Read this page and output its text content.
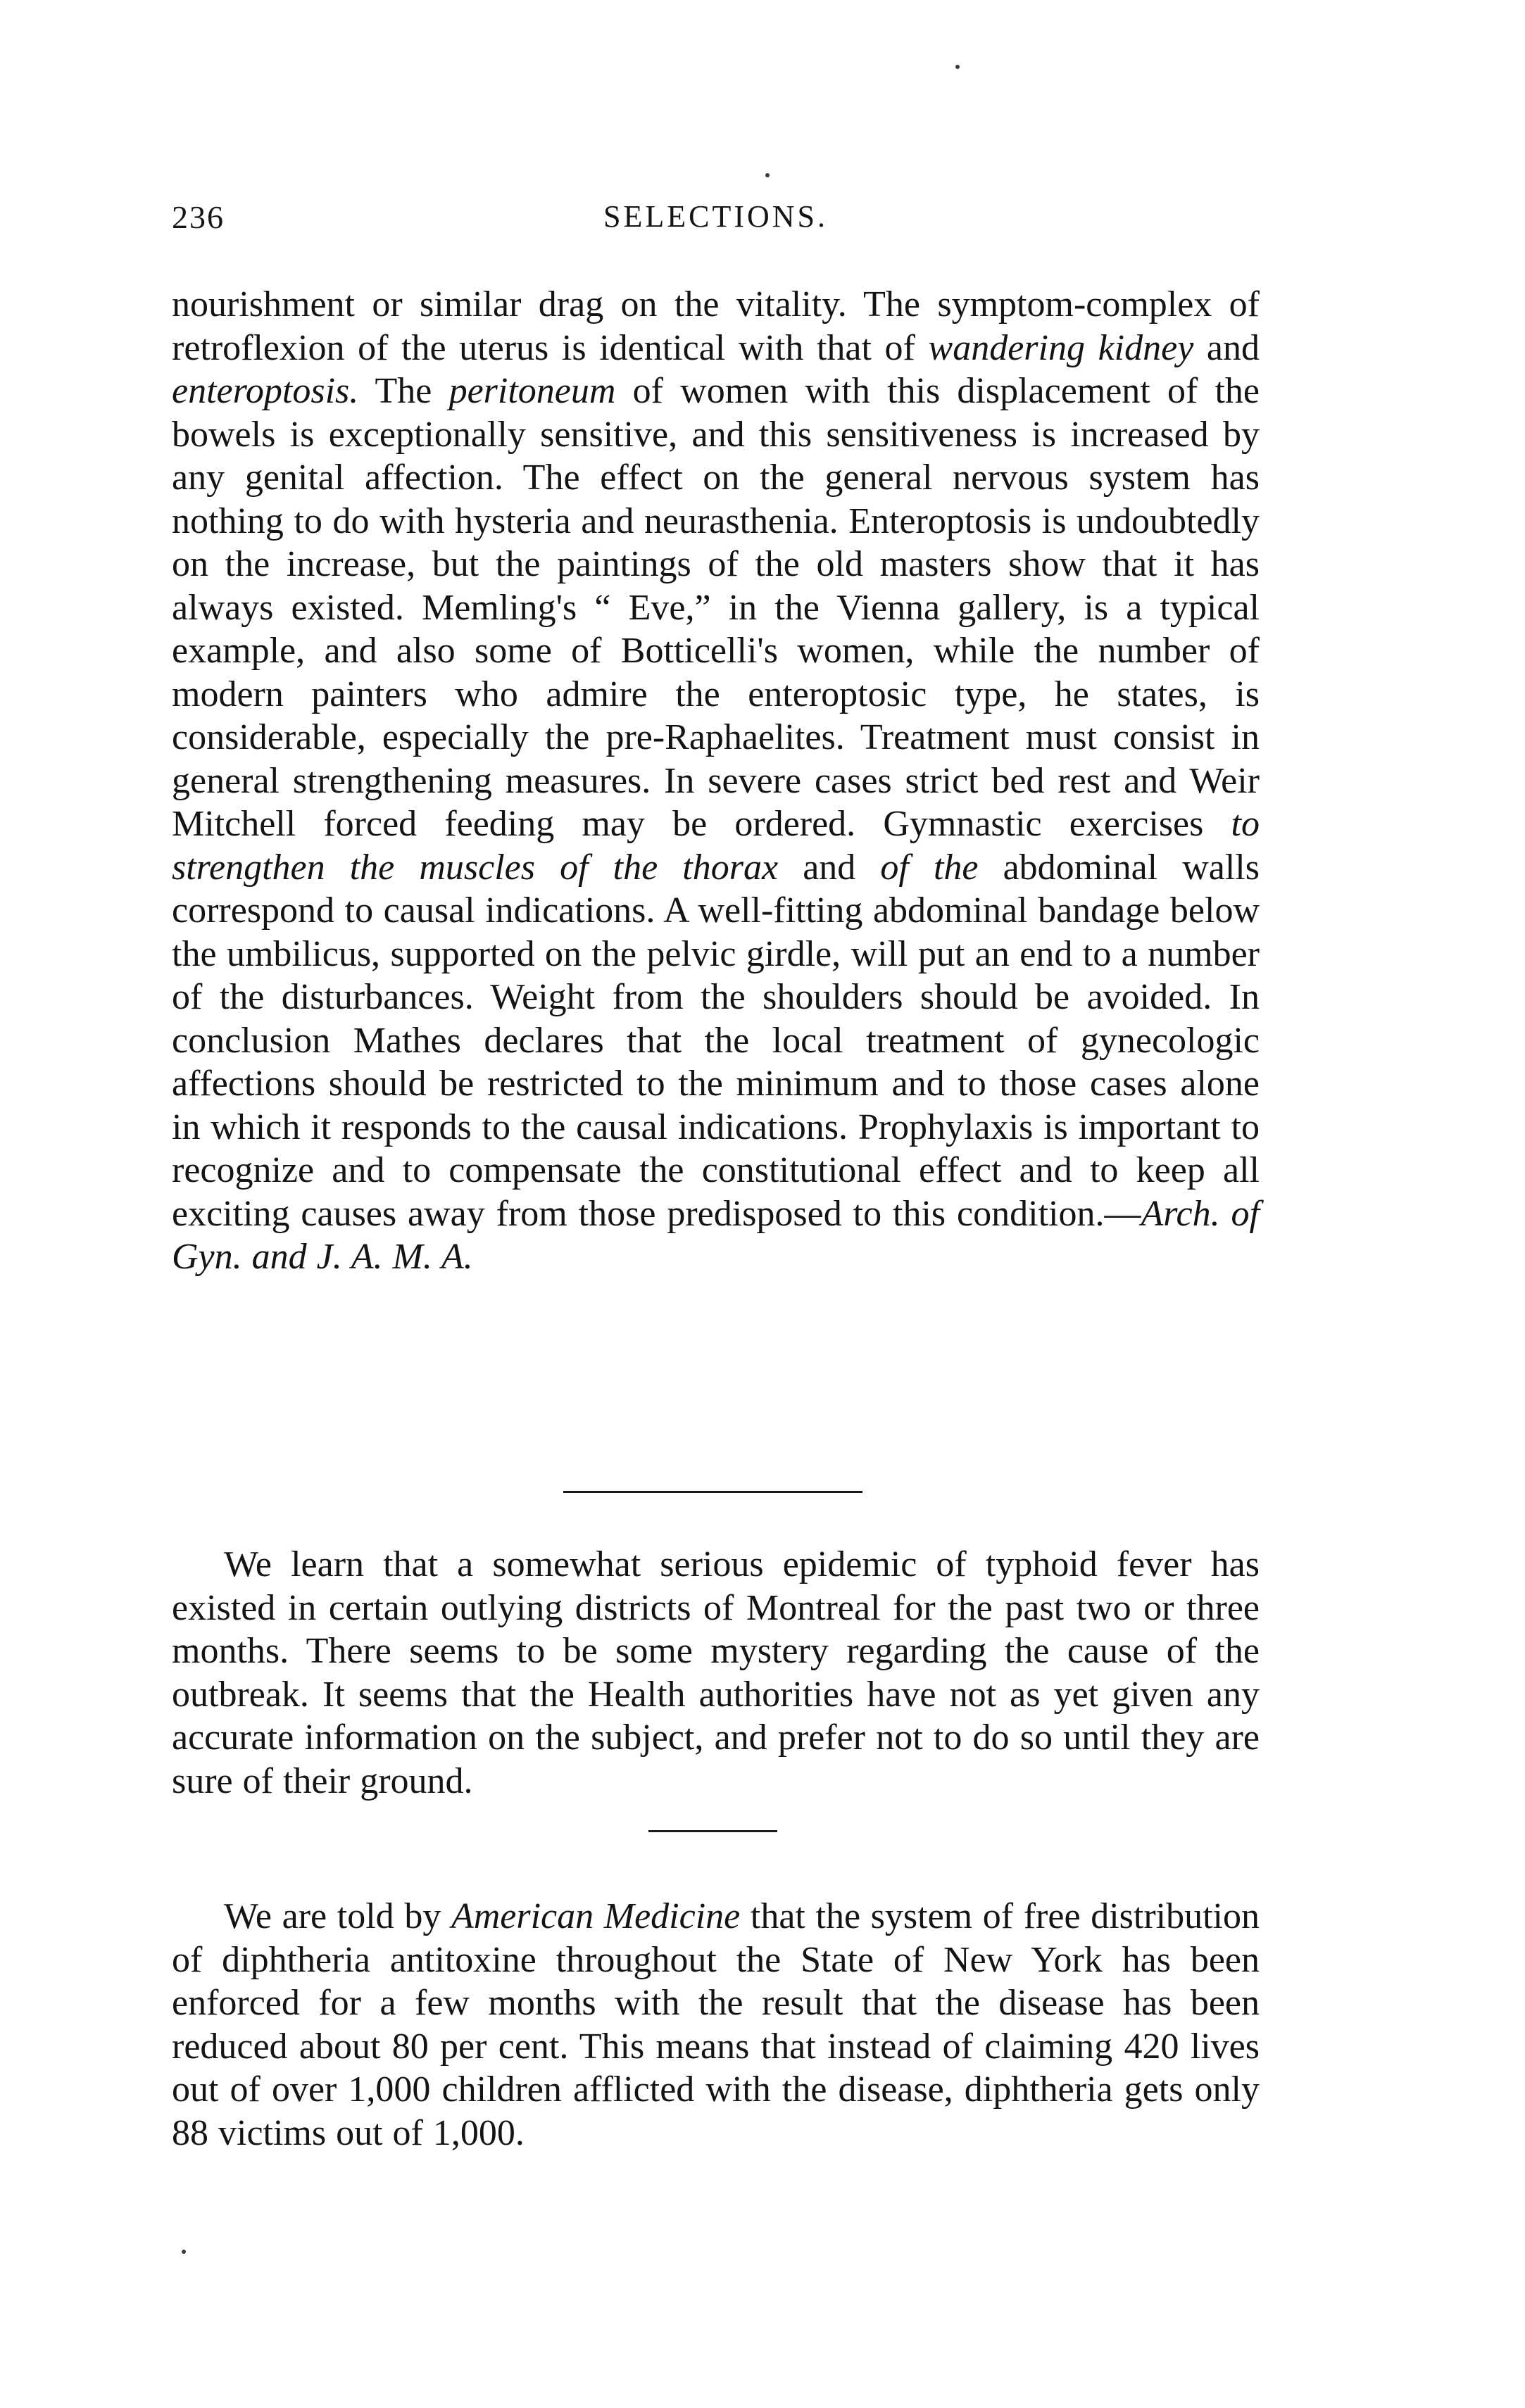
236	SELECTIONS.

nourishment or similar drag on the vitality. The symptom-complex of retroflexion of the uterus is identical with that of wandering kidney and enteroptosis. The peritoneum of women with this displacement of the bowels is exceptionally sensitive, and this sensitiveness is increased by any genital affection. The effect on the general nervous system has nothing to do with hysteria and neurasthenia. Enteroptosis is undoubtedly on the increase, but the paintings of the old masters show that it has always existed. Memling's “ Eve,” in the Vienna gallery, is a typical example, and also some of Botticelli's women, while the number of modern painters who admire the enteroptosic type, he states, is considerable, especially the pre-Raphaelites. Treatment must consist in general strengthening measures. In severe cases strict bed rest and Weir Mitchell forced feeding may be ordered. Gymnastic exercises to strengthen the muscles of the thorax and of the abdominal walls correspond to causal indications. A well-fitting abdominal bandage below the umbilicus, supported on the pelvic girdle, will put an end to a number of the disturbances. Weight from the shoulders should be avoided. In conclusion Mathes declares that the local treatment of gynecologic affections should be restricted to the minimum and to those cases alone in which it responds to the causal indications. Prophylaxis is important to recognize and to compensate the constitutional effect and to keep all exciting causes away from those predisposed to this condition.—Arch. of Gyn. and J. A. M. A.

We learn that a somewhat serious epidemic of typhoid fever has existed in certain outlying districts of Montreal for the past two or three months. There seems to be some mystery regarding the cause of the outbreak. It seems that the Health authorities have not as yet given any accurate information on the subject, and prefer not to do so until they are sure of their ground.

We are told by American Medicine that the system of free distribution of diphtheria antitoxine throughout the State of New York has been enforced for a few months with the result that the disease has been reduced about 80 per cent. This means that instead of claiming 420 lives out of over 1,000 children afflicted with the disease, diphtheria gets only 88 victims out of 1,000.
